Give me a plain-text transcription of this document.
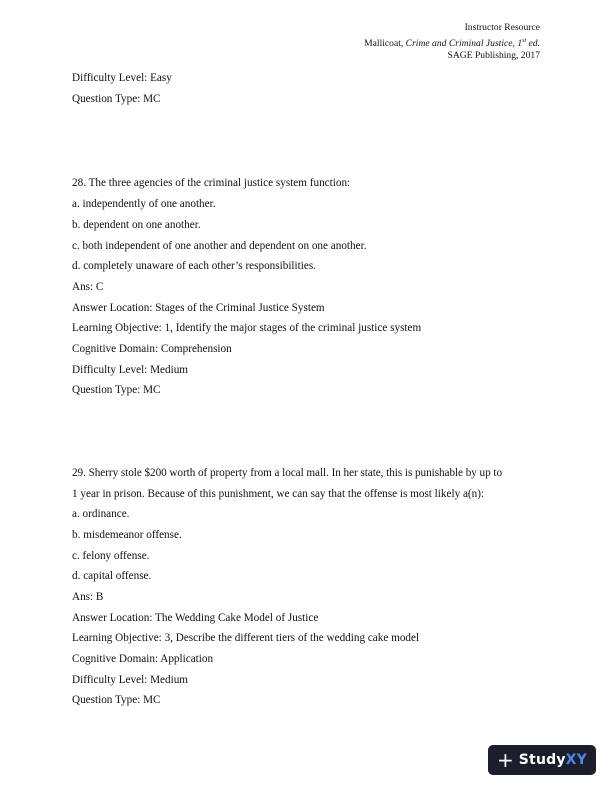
Instructor Resource
Mallicoat, Crime and Criminal Justice, 1st ed.
SAGE Publishing, 2017
Difficulty Level: Easy
Question Type: MC
28. The three agencies of the criminal justice system function:
a. independently of one another.
b. dependent on one another.
c. both independent of one another and dependent on one another.
d. completely unaware of each other’s responsibilities.
Ans: C
Answer Location: Stages of the Criminal Justice System
Learning Objective: 1, Identify the major stages of the criminal justice system
Cognitive Domain: Comprehension
Difficulty Level: Medium
Question Type: MC
29. Sherry stole $200 worth of property from a local mall. In her state, this is punishable by up to
1 year in prison. Because of this punishment, we can say that the offense is most likely a(n):
a. ordinance.
b. misdemeanor offense.
c. felony offense.
d. capital offense.
Ans: B
Answer Location: The Wedding Cake Model of Justice
Learning Objective: 3, Describe the different tiers of the wedding cake model
Cognitive Domain: Application
Difficulty Level: Medium
Question Type: MC
+ StudyXY
